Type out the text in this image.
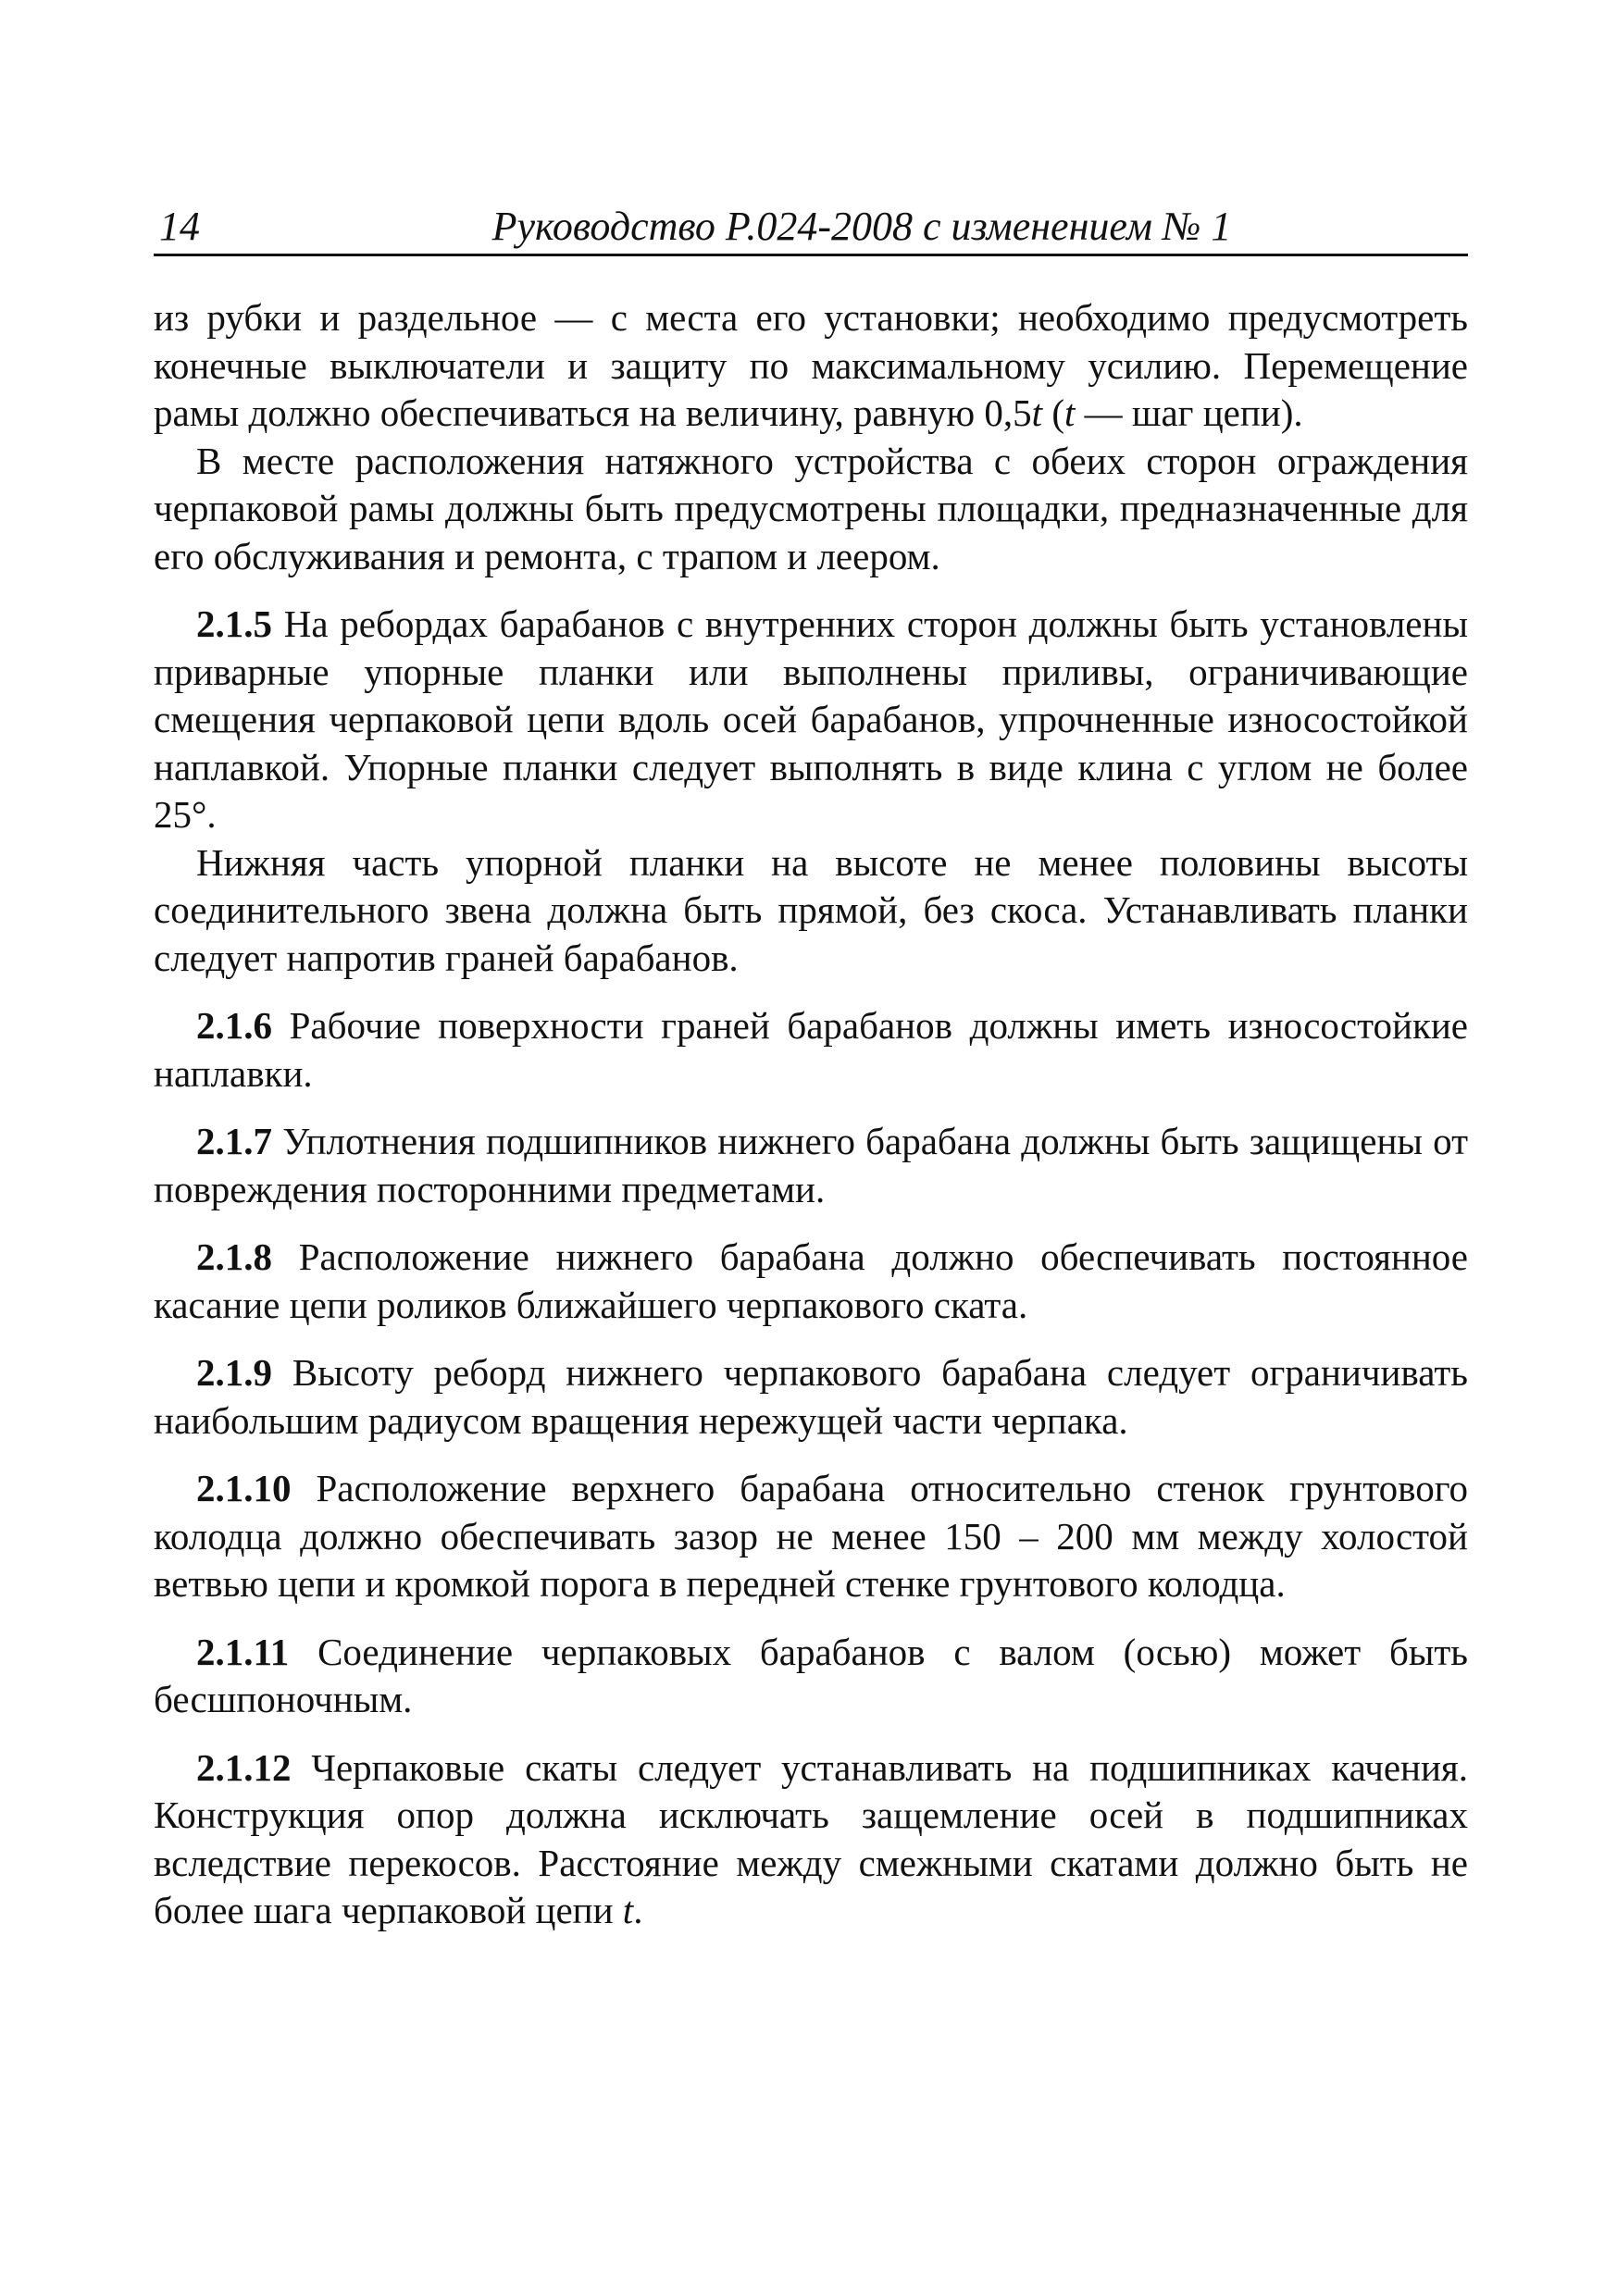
14	Руководство Р.024-2008 с изменением № 1

из рубки и раздельное — с места его установки; необходимо предусмотреть конечные выключатели и защиту по максимальному усилию. Перемещение рамы должно обеспечиваться на величину, равную 0,5t (t — шаг цепи).

В месте расположения натяжного устройства с обеих сторон ограждения черпаковой рамы должны быть предусмотрены площадки, предназначенные для его обслуживания и ремонта, с трапом и леером.

2.1.5 На ребордах барабанов с внутренних сторон должны быть установлены приварные упорные планки или выполнены приливы, ограничивающие смещения черпаковой цепи вдоль осей барабанов, упрочненные износостойкой наплавкой. Упорные планки следует выполнять в виде клина с углом не более 25°.

Нижняя часть упорной планки на высоте не менее половины высоты соединительного звена должна быть прямой, без скоса. Устанавливать планки следует напротив граней барабанов.

2.1.6 Рабочие поверхности граней барабанов должны иметь износостойкие наплавки.

2.1.7 Уплотнения подшипников нижнего барабана должны быть защищены от повреждения посторонними предметами.

2.1.8 Расположение нижнего барабана должно обеспечивать постоянное касание цепи роликов ближайшего черпакового ската.

2.1.9 Высоту реборд нижнего черпакового барабана следует ограничивать наибольшим радиусом вращения нережущей части черпака.

2.1.10 Расположение верхнего барабана относительно стенок грунтового колодца должно обеспечивать зазор не менее 150 – 200 мм между холостой ветвью цепи и кромкой порога в передней стенке грунтового колодца.

2.1.11 Соединение черпаковых барабанов с валом (осью) может быть бесшпоночным.

2.1.12 Черпаковые скаты следует устанавливать на подшипниках качения. Конструкция опор должна исключать защемление осей в подшипниках вследствие перекосов. Расстояние между смежными скатами должно быть не более шага черпаковой цепи t.
